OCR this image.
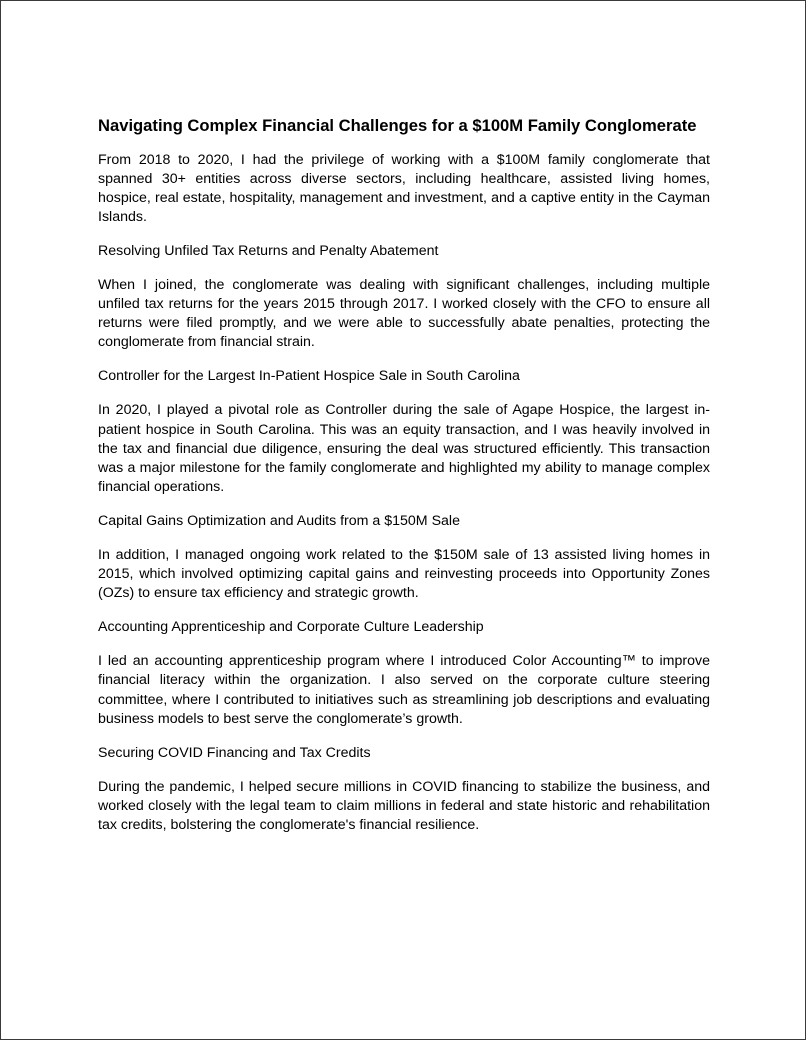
Navigating Complex Financial Challenges for a $100M Family Conglomerate

From 2018 to 2020, I had the privilege of working with a $100M family conglomerate that spanned 30+ entities across diverse sectors, including healthcare, assisted living homes, hospice, real estate, hospitality, management and investment, and a captive entity in the Cayman Islands.

Resolving Unfiled Tax Returns and Penalty Abatement

When I joined, the conglomerate was dealing with significant challenges, including multiple unfiled tax returns for the years 2015 through 2017. I worked closely with the CFO to ensure all returns were filed promptly, and we were able to successfully abate penalties, protecting the conglomerate from financial strain.

Controller for the Largest In-Patient Hospice Sale in South Carolina

In 2020, I played a pivotal role as Controller during the sale of Agape Hospice, the largest in-patient hospice in South Carolina. This was an equity transaction, and I was heavily involved in the tax and financial due diligence, ensuring the deal was structured efficiently. This transaction was a major milestone for the family conglomerate and highlighted my ability to manage complex financial operations.

Capital Gains Optimization and Audits from a $150M Sale

In addition, I managed ongoing work related to the $150M sale of 13 assisted living homes in 2015, which involved optimizing capital gains and reinvesting proceeds into Opportunity Zones (OZs) to ensure tax efficiency and strategic growth.

Accounting Apprenticeship and Corporate Culture Leadership

I led an accounting apprenticeship program where I introduced Color Accounting™ to improve financial literacy within the organization. I also served on the corporate culture steering committee, where I contributed to initiatives such as streamlining job descriptions and evaluating business models to best serve the conglomerate’s growth.

Securing COVID Financing and Tax Credits

During the pandemic, I helped secure millions in COVID financing to stabilize the business, and worked closely with the legal team to claim millions in federal and state historic and rehabilitation tax credits, bolstering the conglomerate's financial resilience.
